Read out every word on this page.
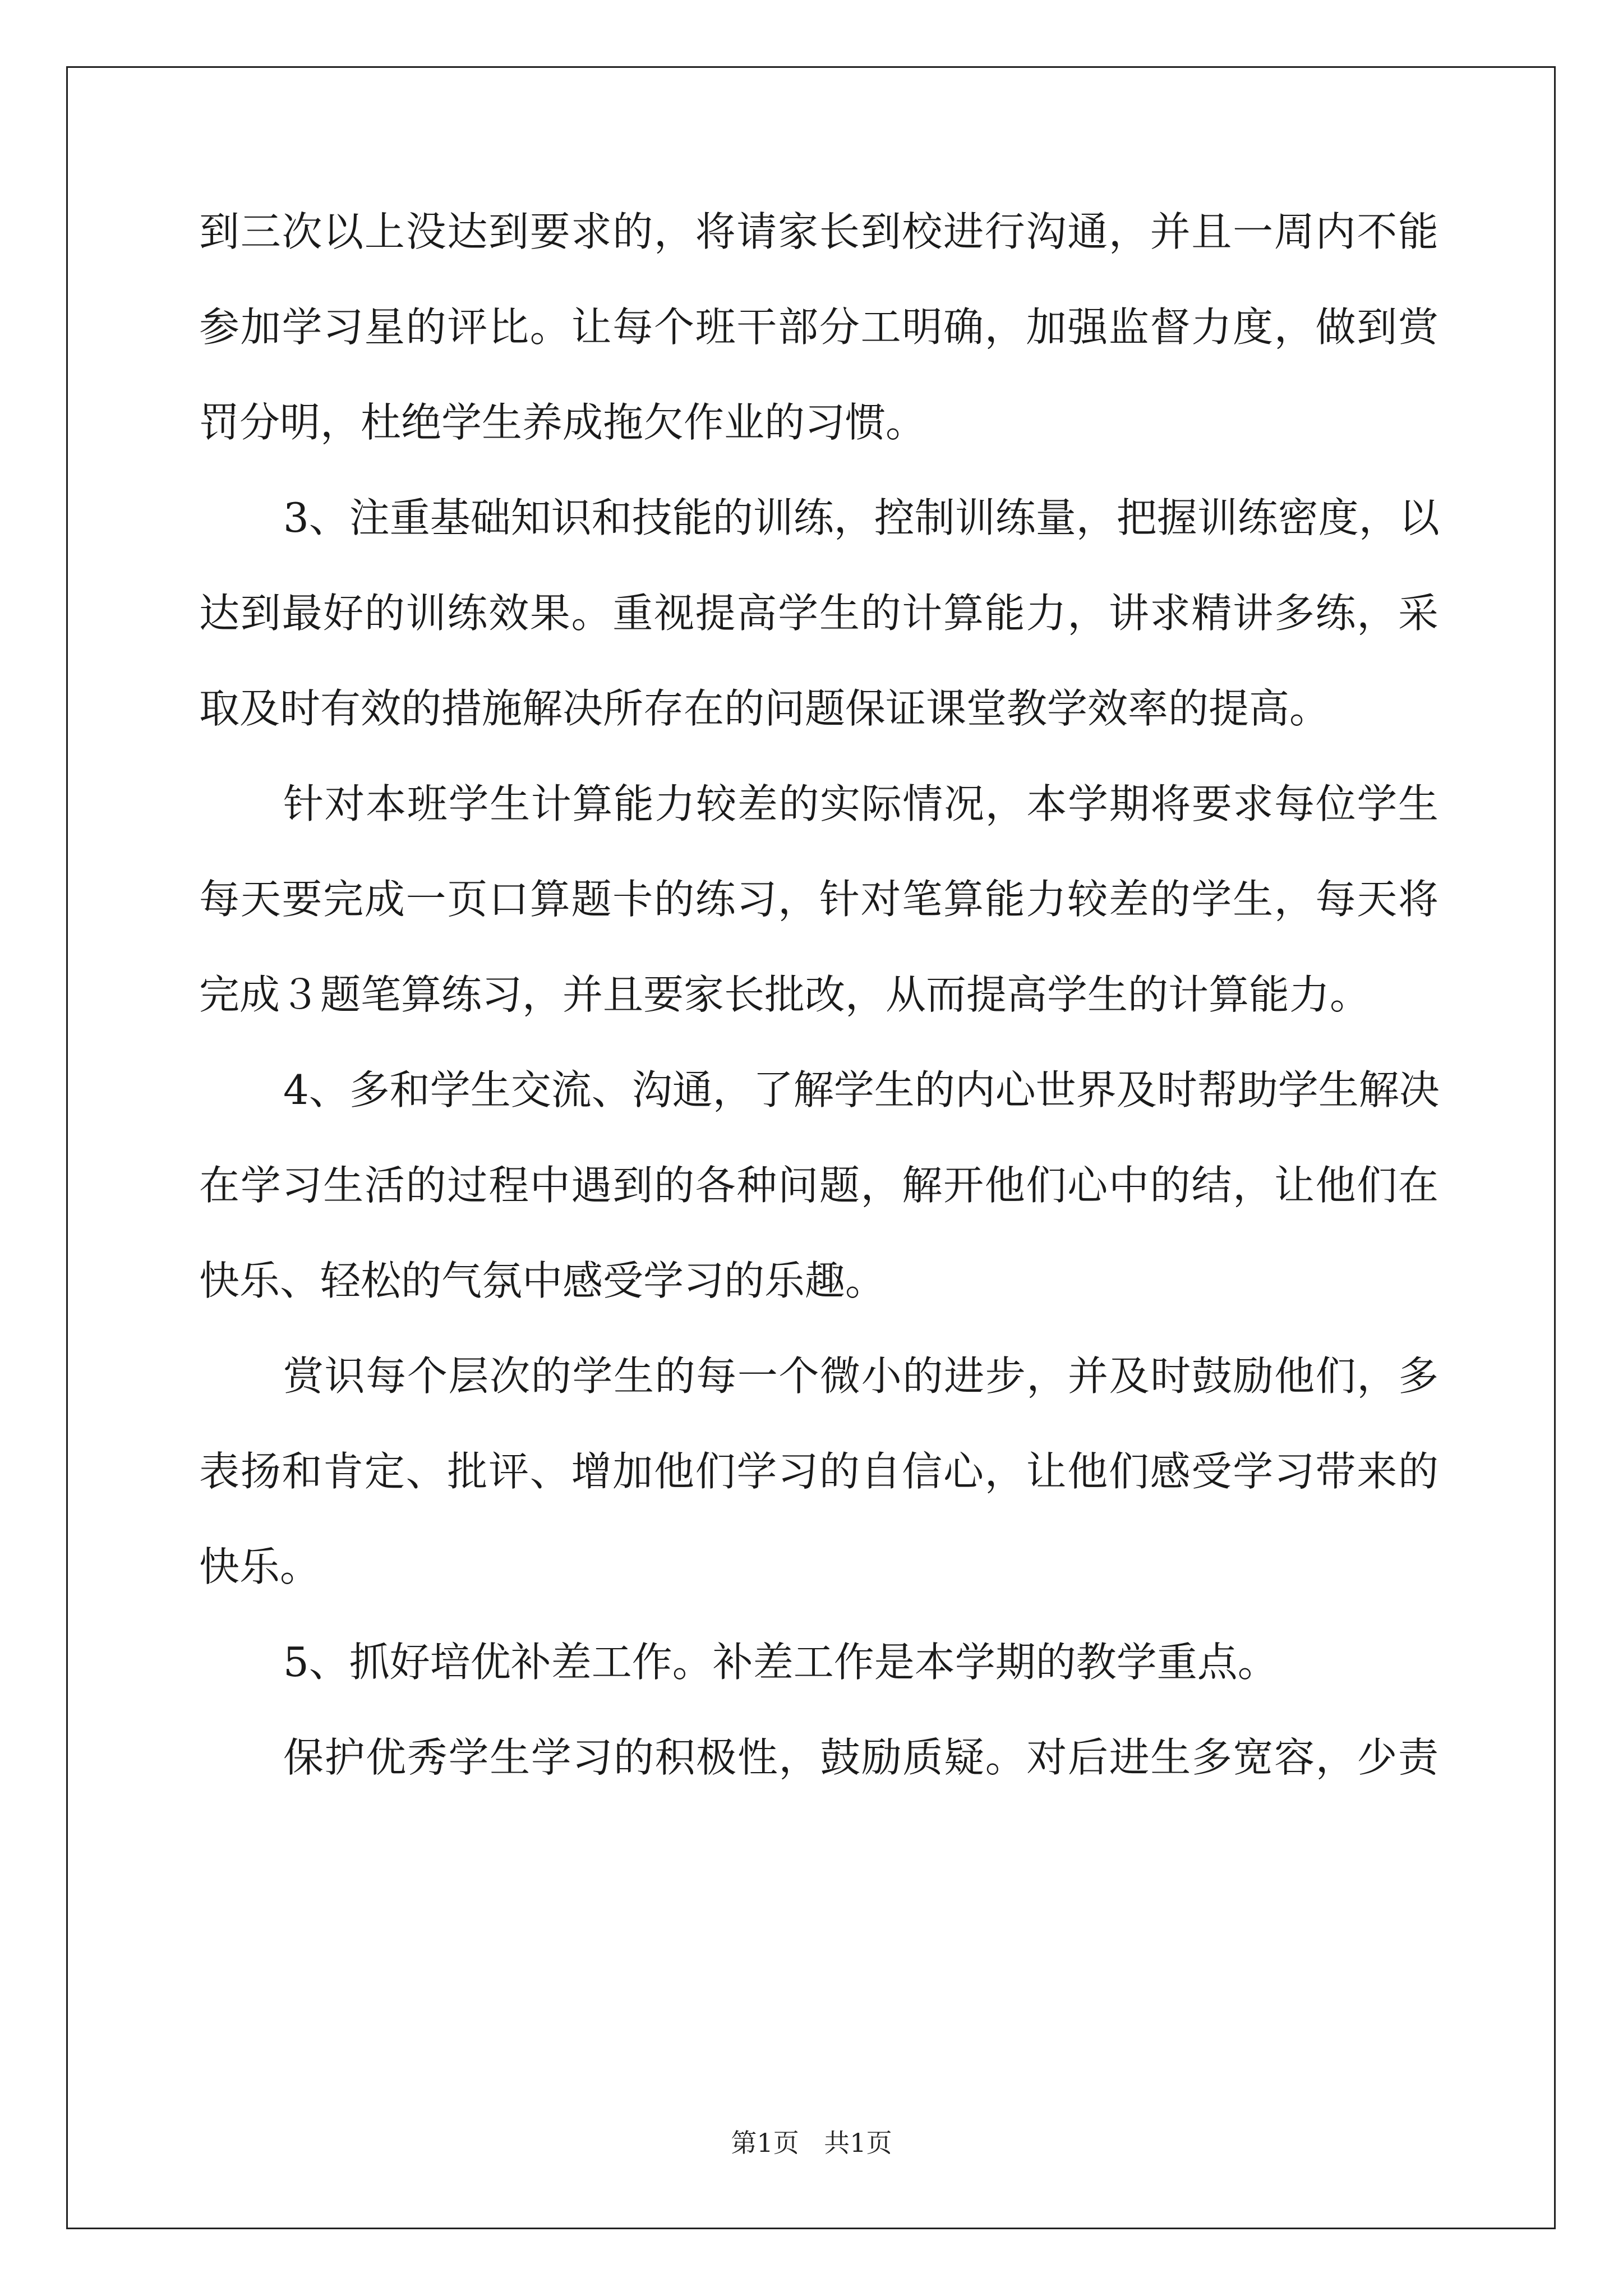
到三次以上没达到要求的，将请家长到校进行沟通，并且一周内不能
参加学习星的评比。让每个班干部分工明确，加强监督力度，做到赏
罚分明，杜绝学生养成拖欠作业的习惯。
3、注重基础知识和技能的训练，控制训练量，把握训练密度，以
达到最好的训练效果。重视提高学生的计算能力，讲求精讲多练，采
取及时有效的措施解决所存在的问题保证课堂教学效率的提高。
针对本班学生计算能力较差的实际情况，本学期将要求每位学生
每天要完成一页口算题卡的练习，针对笔算能力较差的学生，每天将
完成３题笔算练习，并且要家长批改，从而提高学生的计算能力。
4、多和学生交流、沟通，了解学生的内心世界及时帮助学生解决
在学习生活的过程中遇到的各种问题，解开他们心中的结，让他们在
快乐、轻松的气氛中感受学习的乐趣。
赏识每个层次的学生的每一个微小的进步，并及时鼓励他们，多
表扬和肯定、批评、增加他们学习的自信心，让他们感受学习带来的
快乐。
5、抓好培优补差工作。补差工作是本学期的教学重点。
保护优秀学生学习的积极性，鼓励质疑。对后进生多宽容，少责
第1页 共1页
